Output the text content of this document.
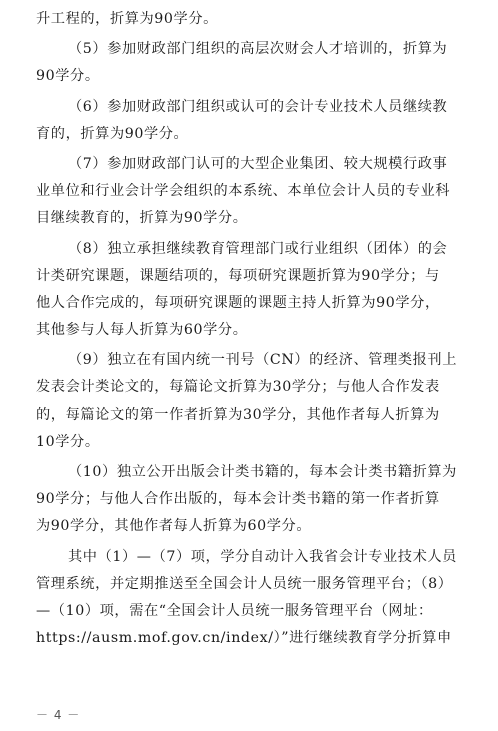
升工程的，折算为90学分。
（5）参加财政部门组织的高层次财会人才培训的，折算为
90学分。
（6）参加财政部门组织或认可的会计专业技术人员继续教
育的，折算为90学分。
（7）参加财政部门认可的大型企业集团、较大规模行政事
业单位和行业会计学会组织的本系统、本单位会计人员的专业科
目继续教育的，折算为90学分。
（8）独立承担继续教育管理部门或行业组织（团体）的会
计类研究课题，课题结项的，每项研究课题折算为90学分；与
他人合作完成的，每项研究课题的课题主持人折算为90学分，
其他参与人每人折算为60学分。
（9）独立在有国内统一刊号（CN）的经济、管理类报刊上
发表会计类论文的，每篇论文折算为30学分；与他人合作发表
的，每篇论文的第一作者折算为30学分，其他作者每人折算为
10学分。
（10）独立公开出版会计类书籍的，每本会计类书籍折算为
90学分；与他人合作出版的，每本会计类书籍的第一作者折算
为90学分，其他作者每人折算为60学分。
其中（1）—（7）项，学分自动计入我省会计专业技术人员
管理系统，并定期推送至全国会计人员统一服务管理平台；（8）
—（10）项，需在“全国会计人员统一服务管理平台（网址：
https://ausm.mof.gov.cn/index/）”进行继续教育学分折算申
－ 4 －
